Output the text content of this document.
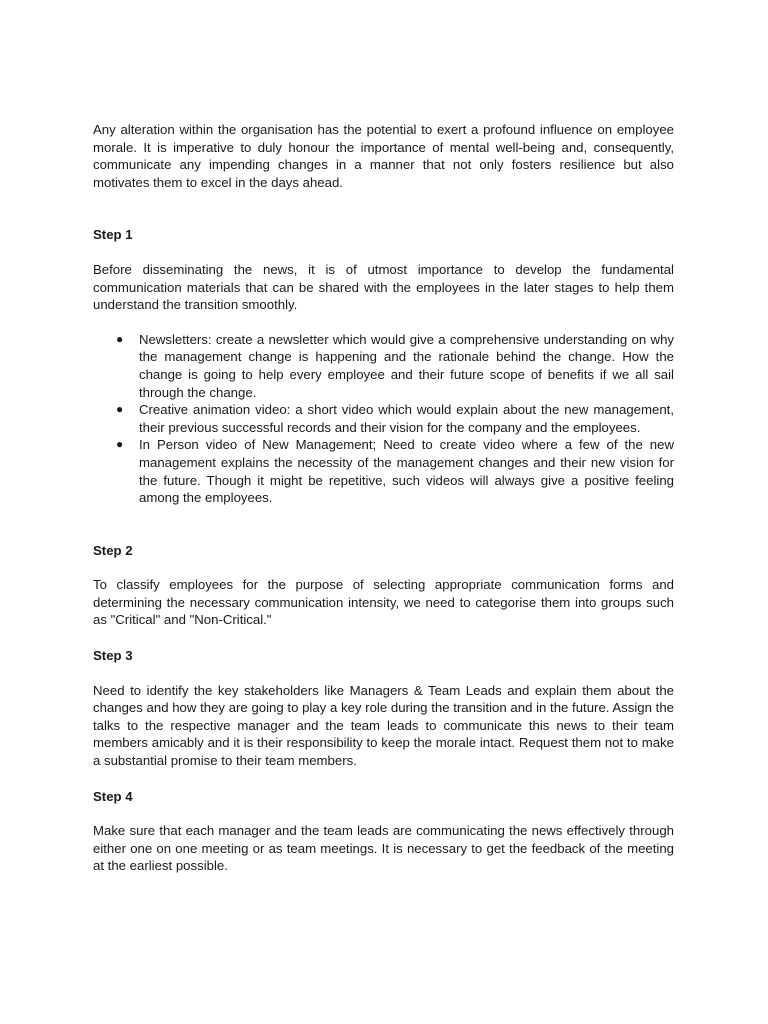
Any alteration within the organisation has the potential to exert a profound influence on employee morale. It is imperative to duly honour the importance of mental well-being and, consequently, communicate any impending changes in a manner that not only fosters resilience but also motivates them to excel in the days ahead.

Step 1

Before disseminating the news, it is of utmost importance to develop the fundamental communication materials that can be shared with the employees in the later stages to help them understand the transition smoothly.

● Newsletters: create a newsletter which would give a comprehensive understanding on why the management change is happening and the rationale behind the change. How the change is going to help every employee and their future scope of benefits if we all sail through the change.
● Creative animation video: a short video which would explain about the new management, their previous successful records and their vision for the company and the employees.
● In Person video of New Management; Need to create video where a few of the new management explains the necessity of the management changes and their new vision for the future. Though it might be repetitive, such videos will always give a positive feeling among the employees.

Step 2

To classify employees for the purpose of selecting appropriate communication forms and determining the necessary communication intensity, we need to categorise them into groups such as "Critical" and "Non-Critical."

Step 3

Need to identify the key stakeholders like Managers & Team Leads and explain them about the changes and how they are going to play a key role during the transition and in the future. Assign the talks to the respective manager and the team leads to communicate this news to their team members amicably and it is their responsibility to keep the morale intact. Request them not to make a substantial promise to their team members.

Step 4

Make sure that each manager and the team leads are communicating the news effectively through either one on one meeting or as team meetings. It is necessary to get the feedback of the meeting at the earliest possible.
